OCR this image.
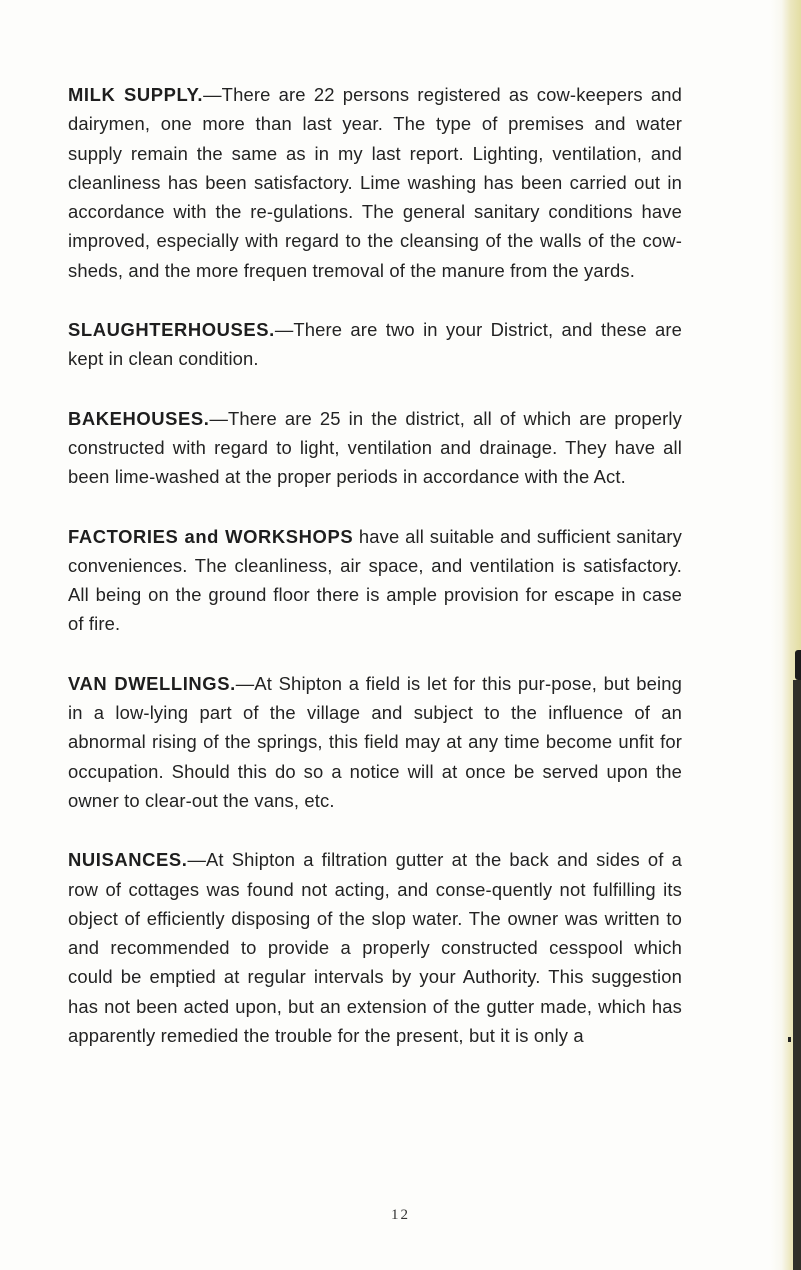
MILK SUPPLY.—There are 22 persons registered as cow-keepers and dairymen, one more than last year. The type of premises and water supply remain the same as in my last report. Lighting, ventilation, and cleanliness has been satisfactory. Lime washing has been carried out in accordance with the re-gulations. The general sanitary conditions have improved, especially with regard to the cleansing of the walls of the cow-sheds, and the more frequen tremoval of the manure from the yards.

SLAUGHTERHOUSES.—There are two in your District, and these are kept in clean condition.

BAKEHOUSES.—There are 25 in the district, all of which are properly constructed with regard to light, ventilation and drainage. They have all been lime-washed at the proper periods in accordance with the Act.

FACTORIES and WORKSHOPS have all suitable and sufficient sanitary conveniences. The cleanliness, air space, and ventilation is satisfactory. All being on the ground floor there is ample provision for escape in case of fire.

VAN DWELLINGS.—At Shipton a field is let for this pur-pose, but being in a low-lying part of the village and subject to the influence of an abnormal rising of the springs, this field may at any time become unfit for occupation. Should this do so a notice will at once be served upon the owner to clear-out the vans, etc.

NUISANCES.—At Shipton a filtration gutter at the back and sides of a row of cottages was found not acting, and conse-quently not fulfilling its object of efficiently disposing of the slop water. The owner was written to and recommended to provide a properly constructed cesspool which could be emptied at regular intervals by your Authority. This suggestion has not been acted upon, but an extension of the gutter made, which has apparently remedied the trouble for the present, but it is only a

12
